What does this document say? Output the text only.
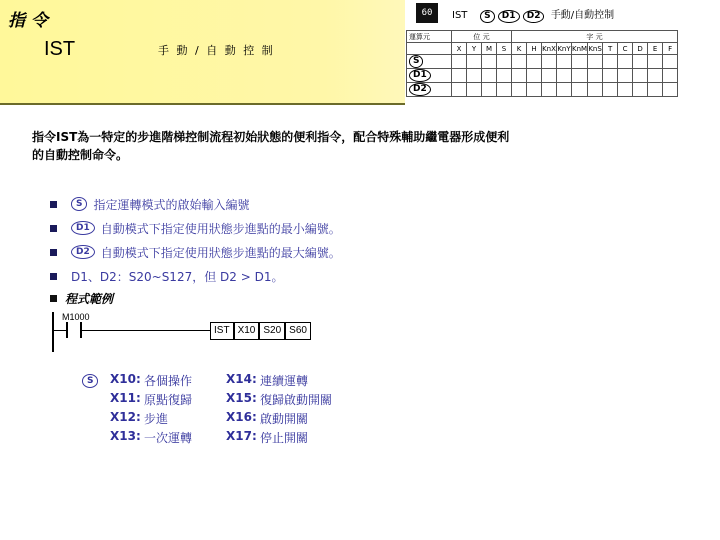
指 令
IST	手 動 / 自 動 控 制
60	IST S D1 D2 手動/自動控制
運算元	位 元				字 元										
	X	Y	M	S	K	H	KnX	KnY	KnM	KnS	T	C	D	E	F
S															
D1															
D2															
指令IST為一特定的步進階梯控制流程初始狀態的便利指令，配合特殊輔助繼電器形成便利的自動控制命令。
S 指定運轉模式的啟始輸入編號
D1 自動模式下指定使用狀態步進點的最小編號。
D2 自動模式下指定使用狀態步進點的最大編號。
D1、D2：S20~S127，但 D2 > D1。
程式範例
M1000
IST X10 S20 S60
S	X10: 各個操作	X14: 連續運轉
X11: 原點復歸	X15: 復歸啟動開關
X12: 步進	X16: 啟動開關
X13: 一次運轉	X17: 停止開關
